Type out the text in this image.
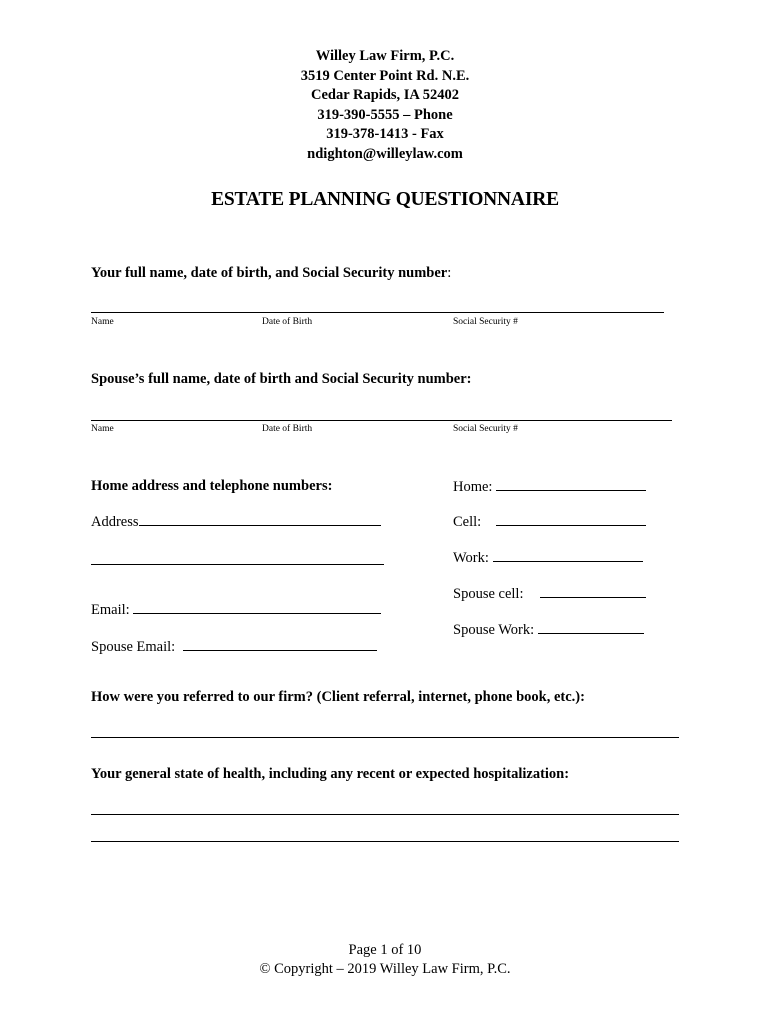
Willey Law Firm, P.C.
3519 Center Point Rd. N.E.
Cedar Rapids, IA 52402
319-390-5555 – Phone
319-378-1413 - Fax
ndighton@willeylaw.com
ESTATE PLANNING QUESTIONNAIRE
Your full name, date of birth, and Social Security number:
Name	Date of Birth	Social Security #
Spouse’s full name, date of birth and Social Security number:
Name	Date of Birth	Social Security #
Home address and telephone numbers:
Address
Email:
Spouse Email:
Home:
Cell:
Work:
Spouse cell:
Spouse Work:
How were you referred to our firm? (Client referral, internet, phone book, etc.):
Your general state of health, including any recent or expected hospitalization:
Page 1 of 10
© Copyright – 2019 Willey Law Firm, P.C.
